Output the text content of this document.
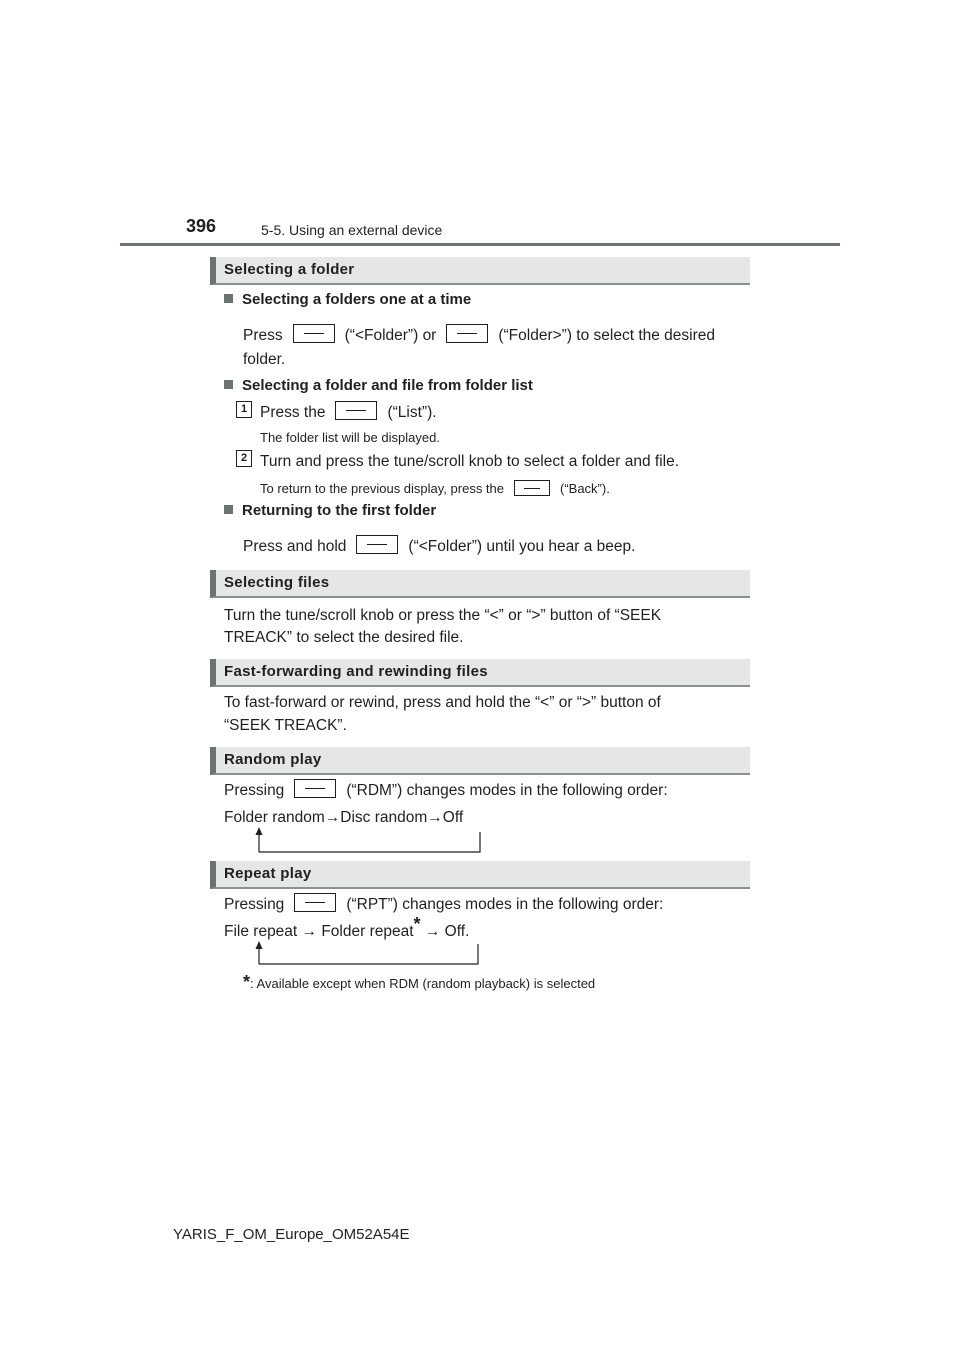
396	5-5. Using an external device
Selecting a folder
Selecting a folders one at a time
Press	(“<Folder”) or	(“Folder>”) to select the desired
folder.
Selecting a folder and file from folder list
1 Press the	(“List”).
The folder list will be displayed.
2 Turn and press the tune/scroll knob to select a folder and file.
To return to the previous display, press the	(“Back”).
Returning to the first folder
Press and hold	(“<Folder”) until you hear a beep.
Selecting files
Turn the tune/scroll knob or press the “<” or “>” button of “SEEK
TREACK” to select the desired file.
Fast-forwarding and rewinding files
To fast-forward or rewind, press and hold the “<” or “>” button of
“SEEK TREACK”.
Random play
Pressing	(“RDM”) changes modes in the following order:
Folder random→Disc random→Off
Repeat play
Pressing	(“RPT”) changes modes in the following order:
File repeat → Folder repeat* → Off.
*: Available except when RDM (random playback) is selected
YARIS_F_OM_Europe_OM52A54E
